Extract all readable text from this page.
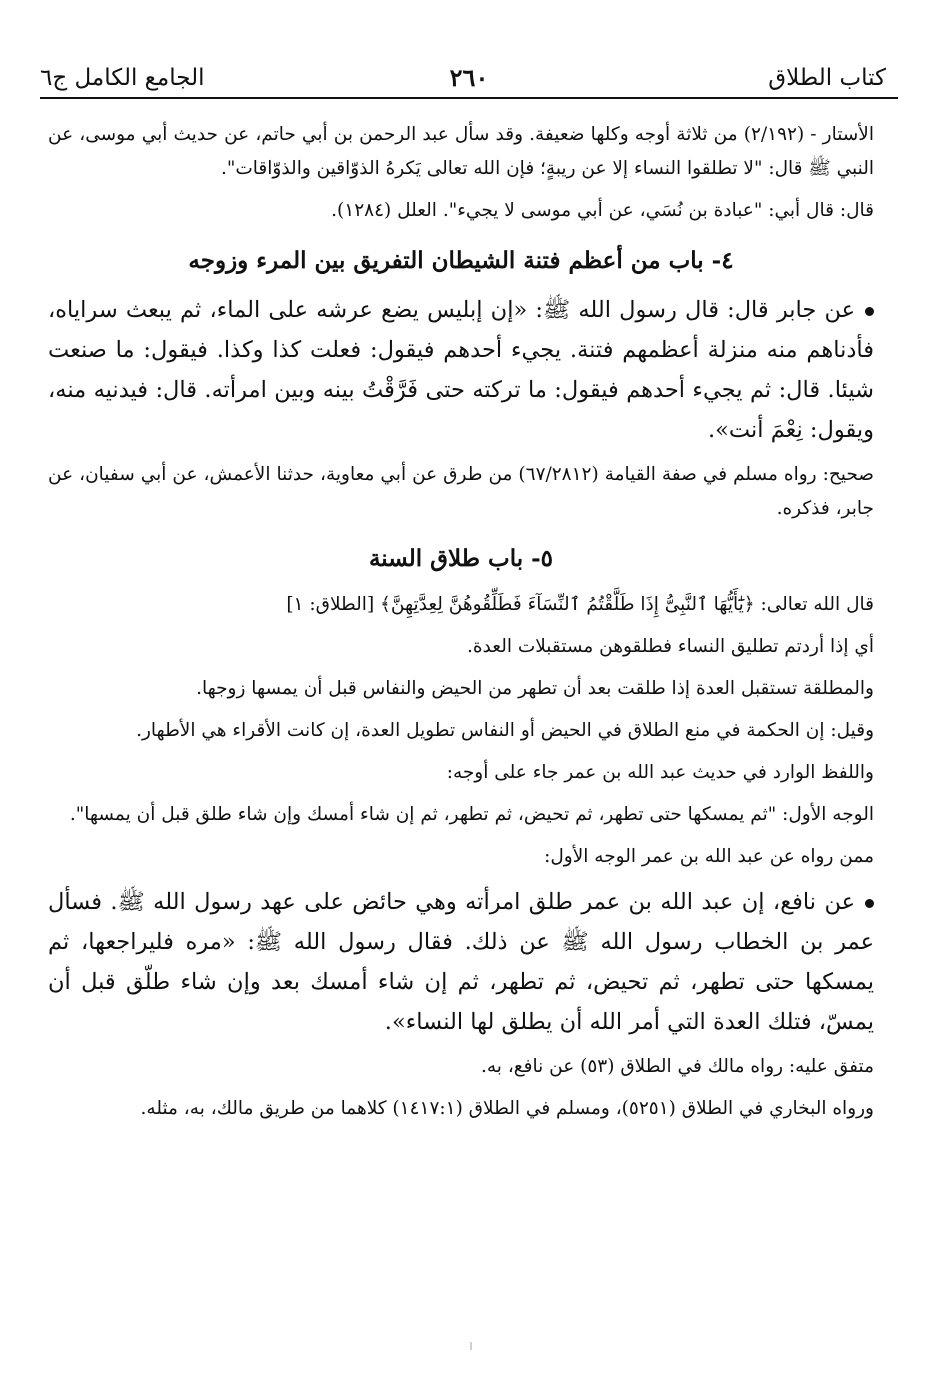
كتاب الطلاق
٢٦٠
الجامع الكامل ج٦

الأستار - (٢/١٩٢) من ثلاثة أوجه وكلها ضعيفة. وقد سأل عبد الرحمن بن أبي حاتم، عن حديث أبي موسى، عن النبي ﷺ قال: "لا تطلقوا النساء إلا عن ريبةٍ؛ فإن الله تعالى يَكرهُ الذوّاقين والذوّاقات".

قال: قال أبي: "عبادة بن نُسَي، عن أبي موسى لا يجيء". العلل (١٢٨٤).

٤- باب من أعظم فتنة الشيطان التفريق بين المرء وزوجه

عن جابر قال: قال رسول الله ﷺ: «إن إبليس يضع عرشه على الماء، ثم يبعث سراياه، فأدناهم منه منزلة أعظمهم فتنة. يجيء أحدهم فيقول: فعلت كذا وكذا. فيقول: ما صنعت شيئا. قال: ثم يجيء أحدهم فيقول: ما تركته حتى فَرَّقْتُ بينه وبين امرأته. قال: فيدنيه منه، ويقول: نِعْمَ أنت».

صحيح: رواه مسلم في صفة القيامة (٦٧/٢٨١٢) من طرق عن أبي معاوية، حدثنا الأعمش، عن أبي سفيان، عن جابر، فذكره.

٥- باب طلاق السنة

قال الله تعالى: ﴿يَٰٓأَيُّهَا ٱلنَّبِىُّ إِذَا طَلَّقْتُمُ ٱلنِّسَآءَ فَطَلِّقُوهُنَّ لِعِدَّتِهِنَّ﴾ [الطلاق: ١]

أي إذا أردتم تطليق النساء فطلقوهن مستقبلات العدة.

والمطلقة تستقبل العدة إذا طلقت بعد أن تطهر من الحيض والنفاس قبل أن يمسها زوجها.

وقيل: إن الحكمة في منع الطلاق في الحيض أو النفاس تطويل العدة، إن كانت الأقراء هي الأطهار.

واللفظ الوارد في حديث عبد الله بن عمر جاء على أوجه:

الوجه الأول: "ثم يمسكها حتى تطهر، ثم تحيض، ثم تطهر، ثم إن شاء أمسك وإن شاء طلق قبل أن يمسها".

ممن رواه عن عبد الله بن عمر الوجه الأول:

عن نافع، إن عبد الله بن عمر طلق امرأته وهي حائض على عهد رسول الله ﷺ. فسأل عمر بن الخطاب رسول الله ﷺ عن ذلك. فقال رسول الله ﷺ: «مره فليراجعها، ثم يمسكها حتى تطهر، ثم تحيض، ثم تطهر، ثم إن شاء أمسك بعد وإن شاء طلّق قبل أن يمسّ، فتلك العدة التي أمر الله أن يطلق لها النساء».

متفق عليه: رواه مالك في الطلاق (٥٣) عن نافع، به.

ورواه البخاري في الطلاق (٥٢٥١)، ومسلم في الطلاق (١٤١٧:١) كلاهما من طريق مالك، به، مثله.
